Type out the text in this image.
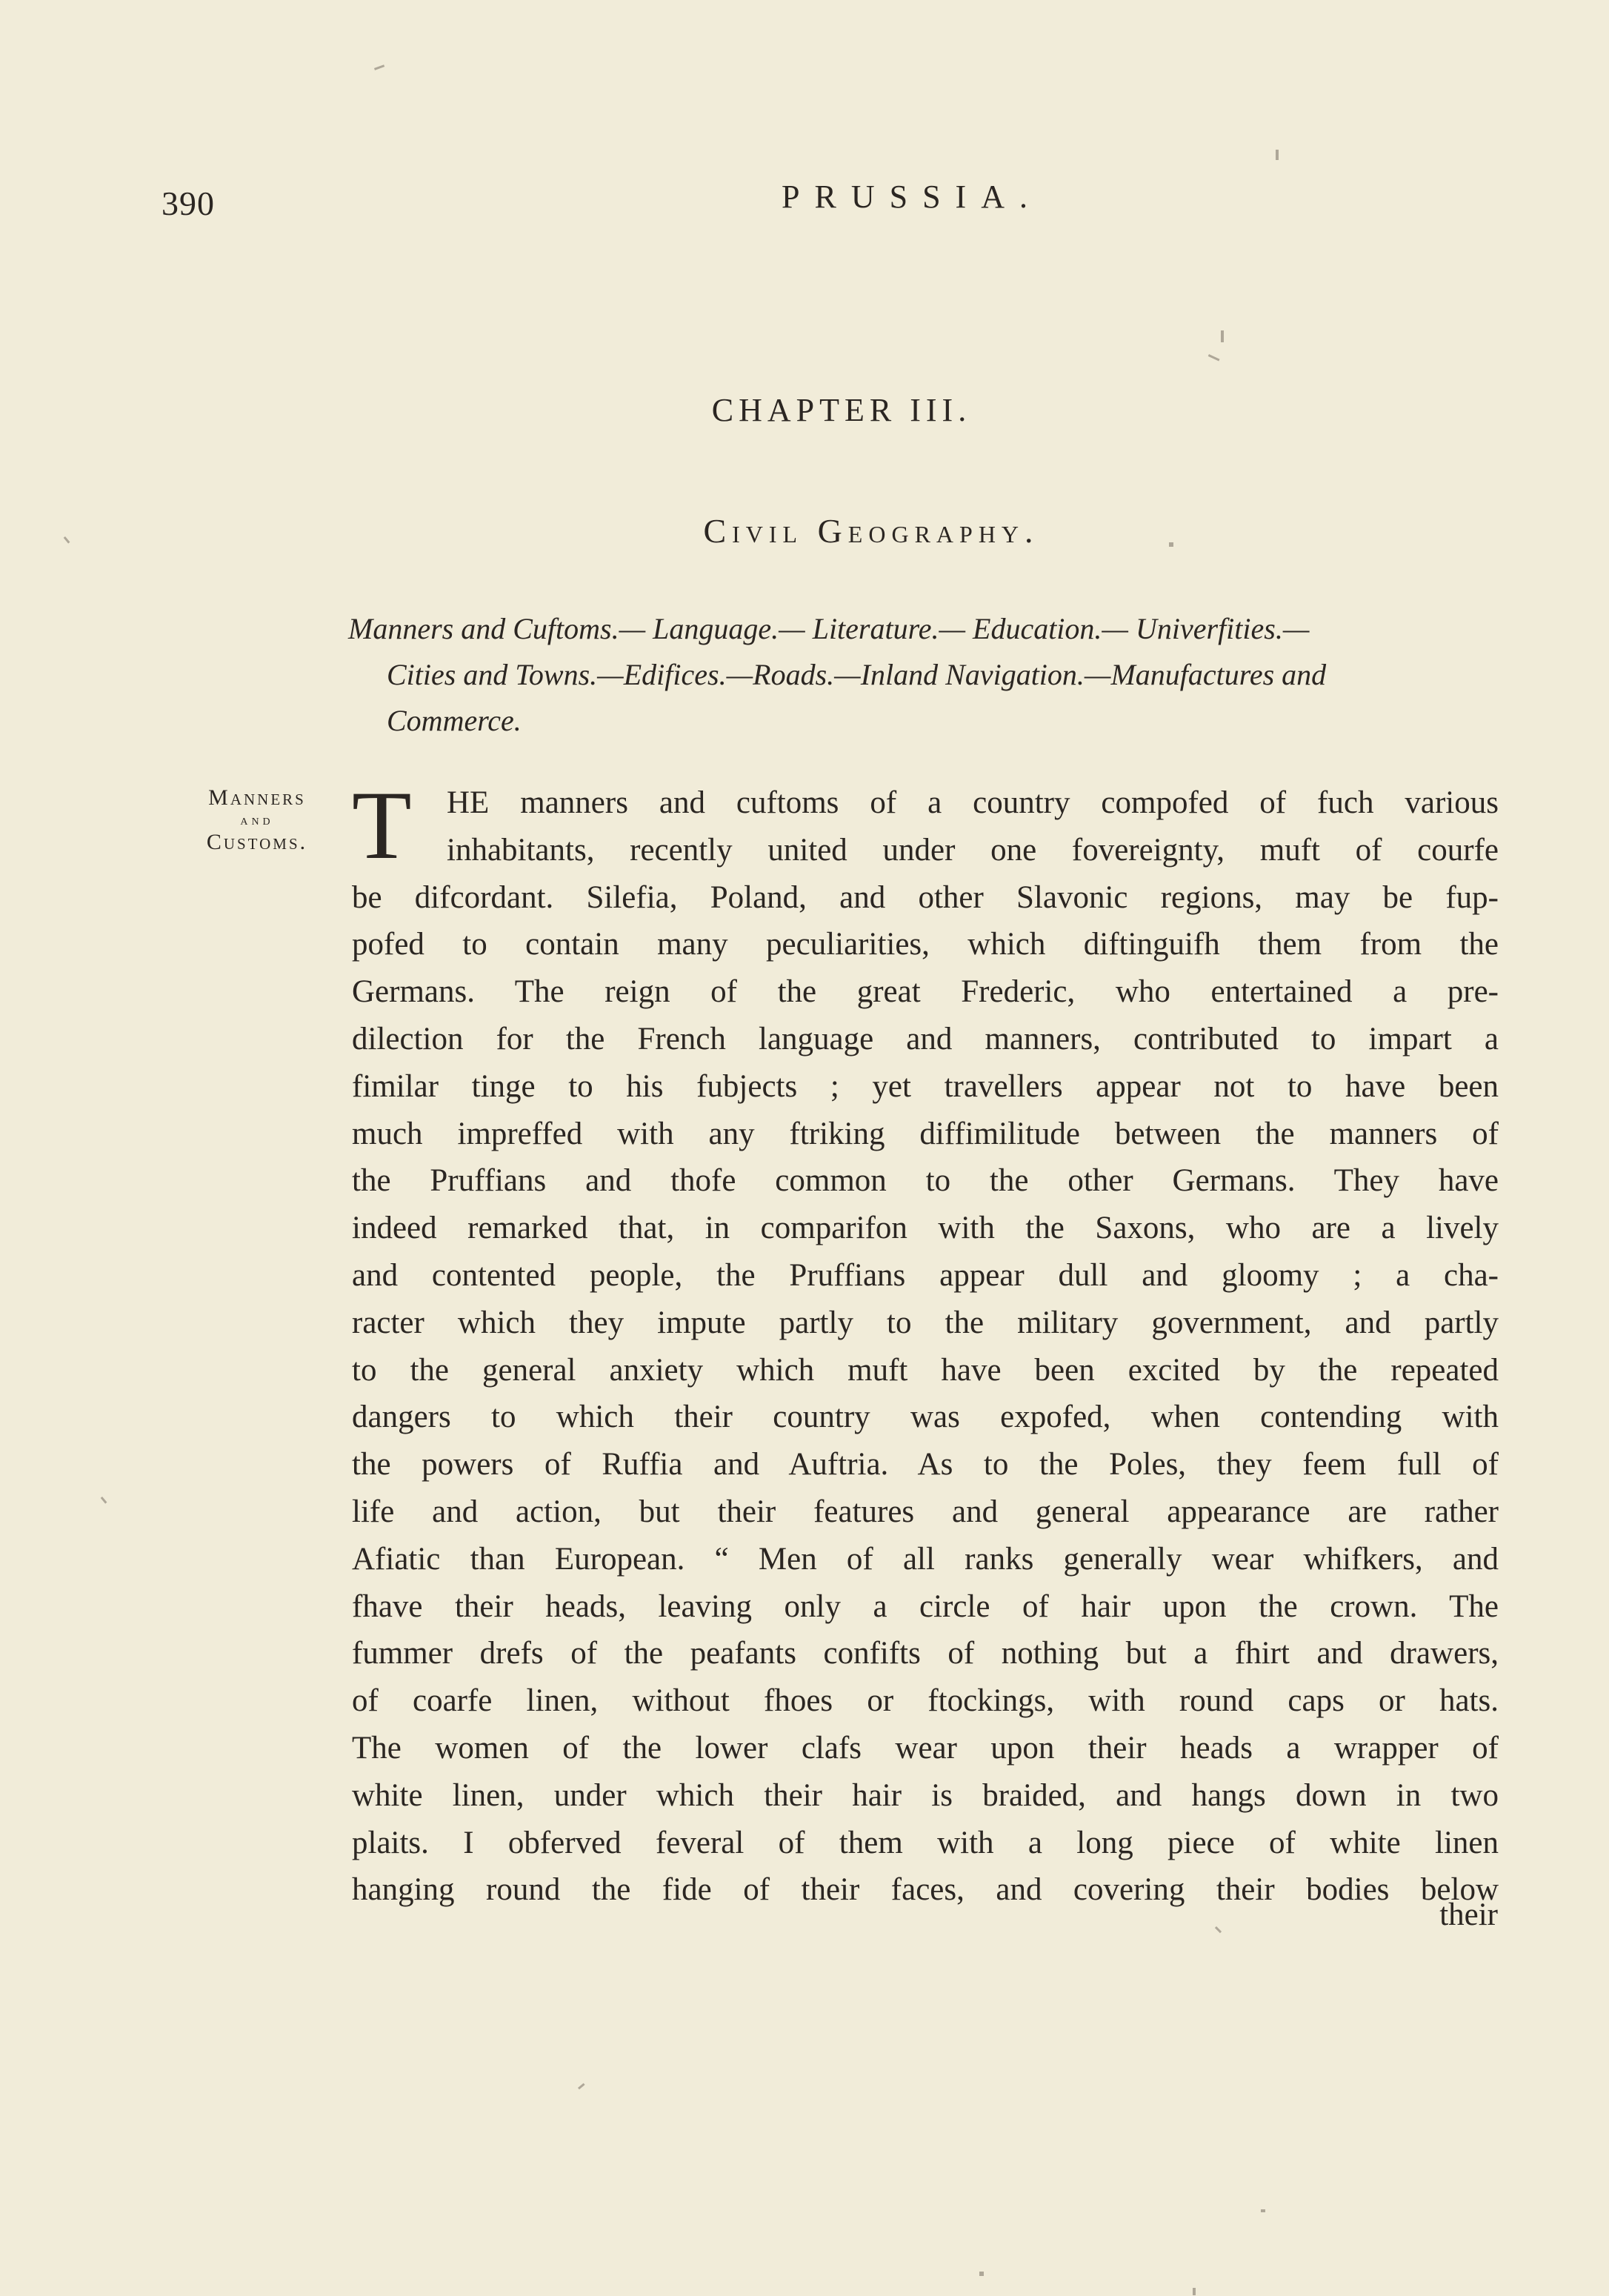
390	PRUSSIA.
CHAPTER III.
Civil Geography.
Manners and Cuftoms.— Language.— Literature.— Education.— Univerfities.—
Cities and Towns.—Edifices.—Roads.—Inland Navigation.—Manufactures and
Commerce.
Manners
and
Customs. T	HE manners and cuftoms of a country compofed of fuch various
inhabitants, recently united under one fovereignty, muft of courfe
be difcordant. Silefia, Poland, and other Slavonic regions, may be fup-
pofed to contain many peculiarities, which diftinguifh them from the
Germans. The reign of the great Frederic, who entertained a pre-
dilection for the French language and manners, contributed to impart a
fimilar tinge to his fubjects ; yet travellers appear not to have been
much impreffed with any ftriking diffimilitude between the manners of
the Pruffians and thofe common to the other Germans. They have
indeed remarked that, in comparifon with the Saxons, who are a lively
and contented people, the Pruffians appear dull and gloomy ; a cha-
racter which they impute partly to the military government, and partly
to the general anxiety which muft have been excited by the repeated
dangers to which their country was expofed, when contending with
the powers of Ruffia and Auftria. As to the Poles, they feem full of
life and action, but their features and general appearance are rather
Afiatic than European. “ Men of all ranks generally wear whifkers, and
fhave their heads, leaving only a circle of hair upon the crown. The
fummer drefs of the peafants confifts of nothing but a fhirt and drawers,
of coarfe linen, without fhoes or ftockings, with round caps or hats.
The women of the lower clafs wear upon their heads a wrapper of
white linen, under which their hair is braided, and hangs down in two
plaits. I obferved feveral of them with a long piece of white linen
hanging round the fide of their faces, and covering their bodies below
their
